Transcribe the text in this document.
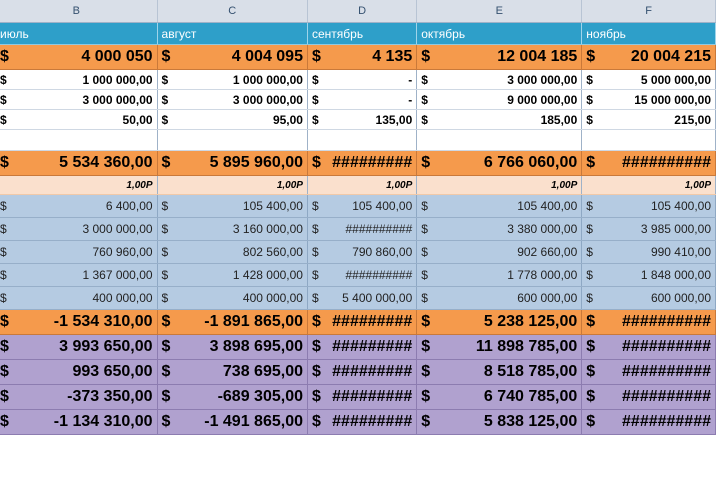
B	C	D	E	F
июль	август	сентябрь	октябрь	ноябрь

$ 4 000 050	$ 4 004 095	$ 4 135	$ 12 004 185	$ 20 004 215

$ 1 000 000,00	$ 1 000 000,00	$ -	$ 3 000 000,00	$ 5 000 000,00

$ 3 000 000,00	$ 3 000 000,00	$ -	$ 9 000 000,00	$ 15 000 000,00

$ 50,00	$ 95,00	$ 135,00	$ 185,00	$ 215,00

$ 5 534 360,00	$ 5 895 960,00	$ #########	$ 6 766 060,00	$ ##########

1,00Р	1,00Р	1,00Р	1,00Р	1,00Р

$ 6 400,00	$ 105 400,00	$ 105 400,00	$ 105 400,00	$ 105 400,00

$ 3 000 000,00	$ 3 160 000,00	$ ##########	$ 3 380 000,00	$ 3 985 000,00

$ 760 960,00	$ 802 560,00	$ 790 860,00	$ 902 660,00	$ 990 410,00

$ 1 367 000,00	$ 1 428 000,00	$ ##########	$ 1 778 000,00	$ 1 848 000,00

$ 400 000,00	$ 400 000,00	$ 5 400 000,00	$ 600 000,00	$ 600 000,00

$ -1 534 310,00	$ -1 891 865,00	$ #########	$ 5 238 125,00	$ ##########

$ 3 993 650,00	$ 3 898 695,00	$ #########	$ 11 898 785,00	$ ##########

$ 993 650,00	$ 738 695,00	$ #########	$ 8 518 785,00	$ ##########

$ -373 350,00	$ -689 305,00	$ #########	$ 6 740 785,00	$ ##########

$ -1 134 310,00	$ -1 491 865,00	$ #########	$ 5 838 125,00	$ ##########
